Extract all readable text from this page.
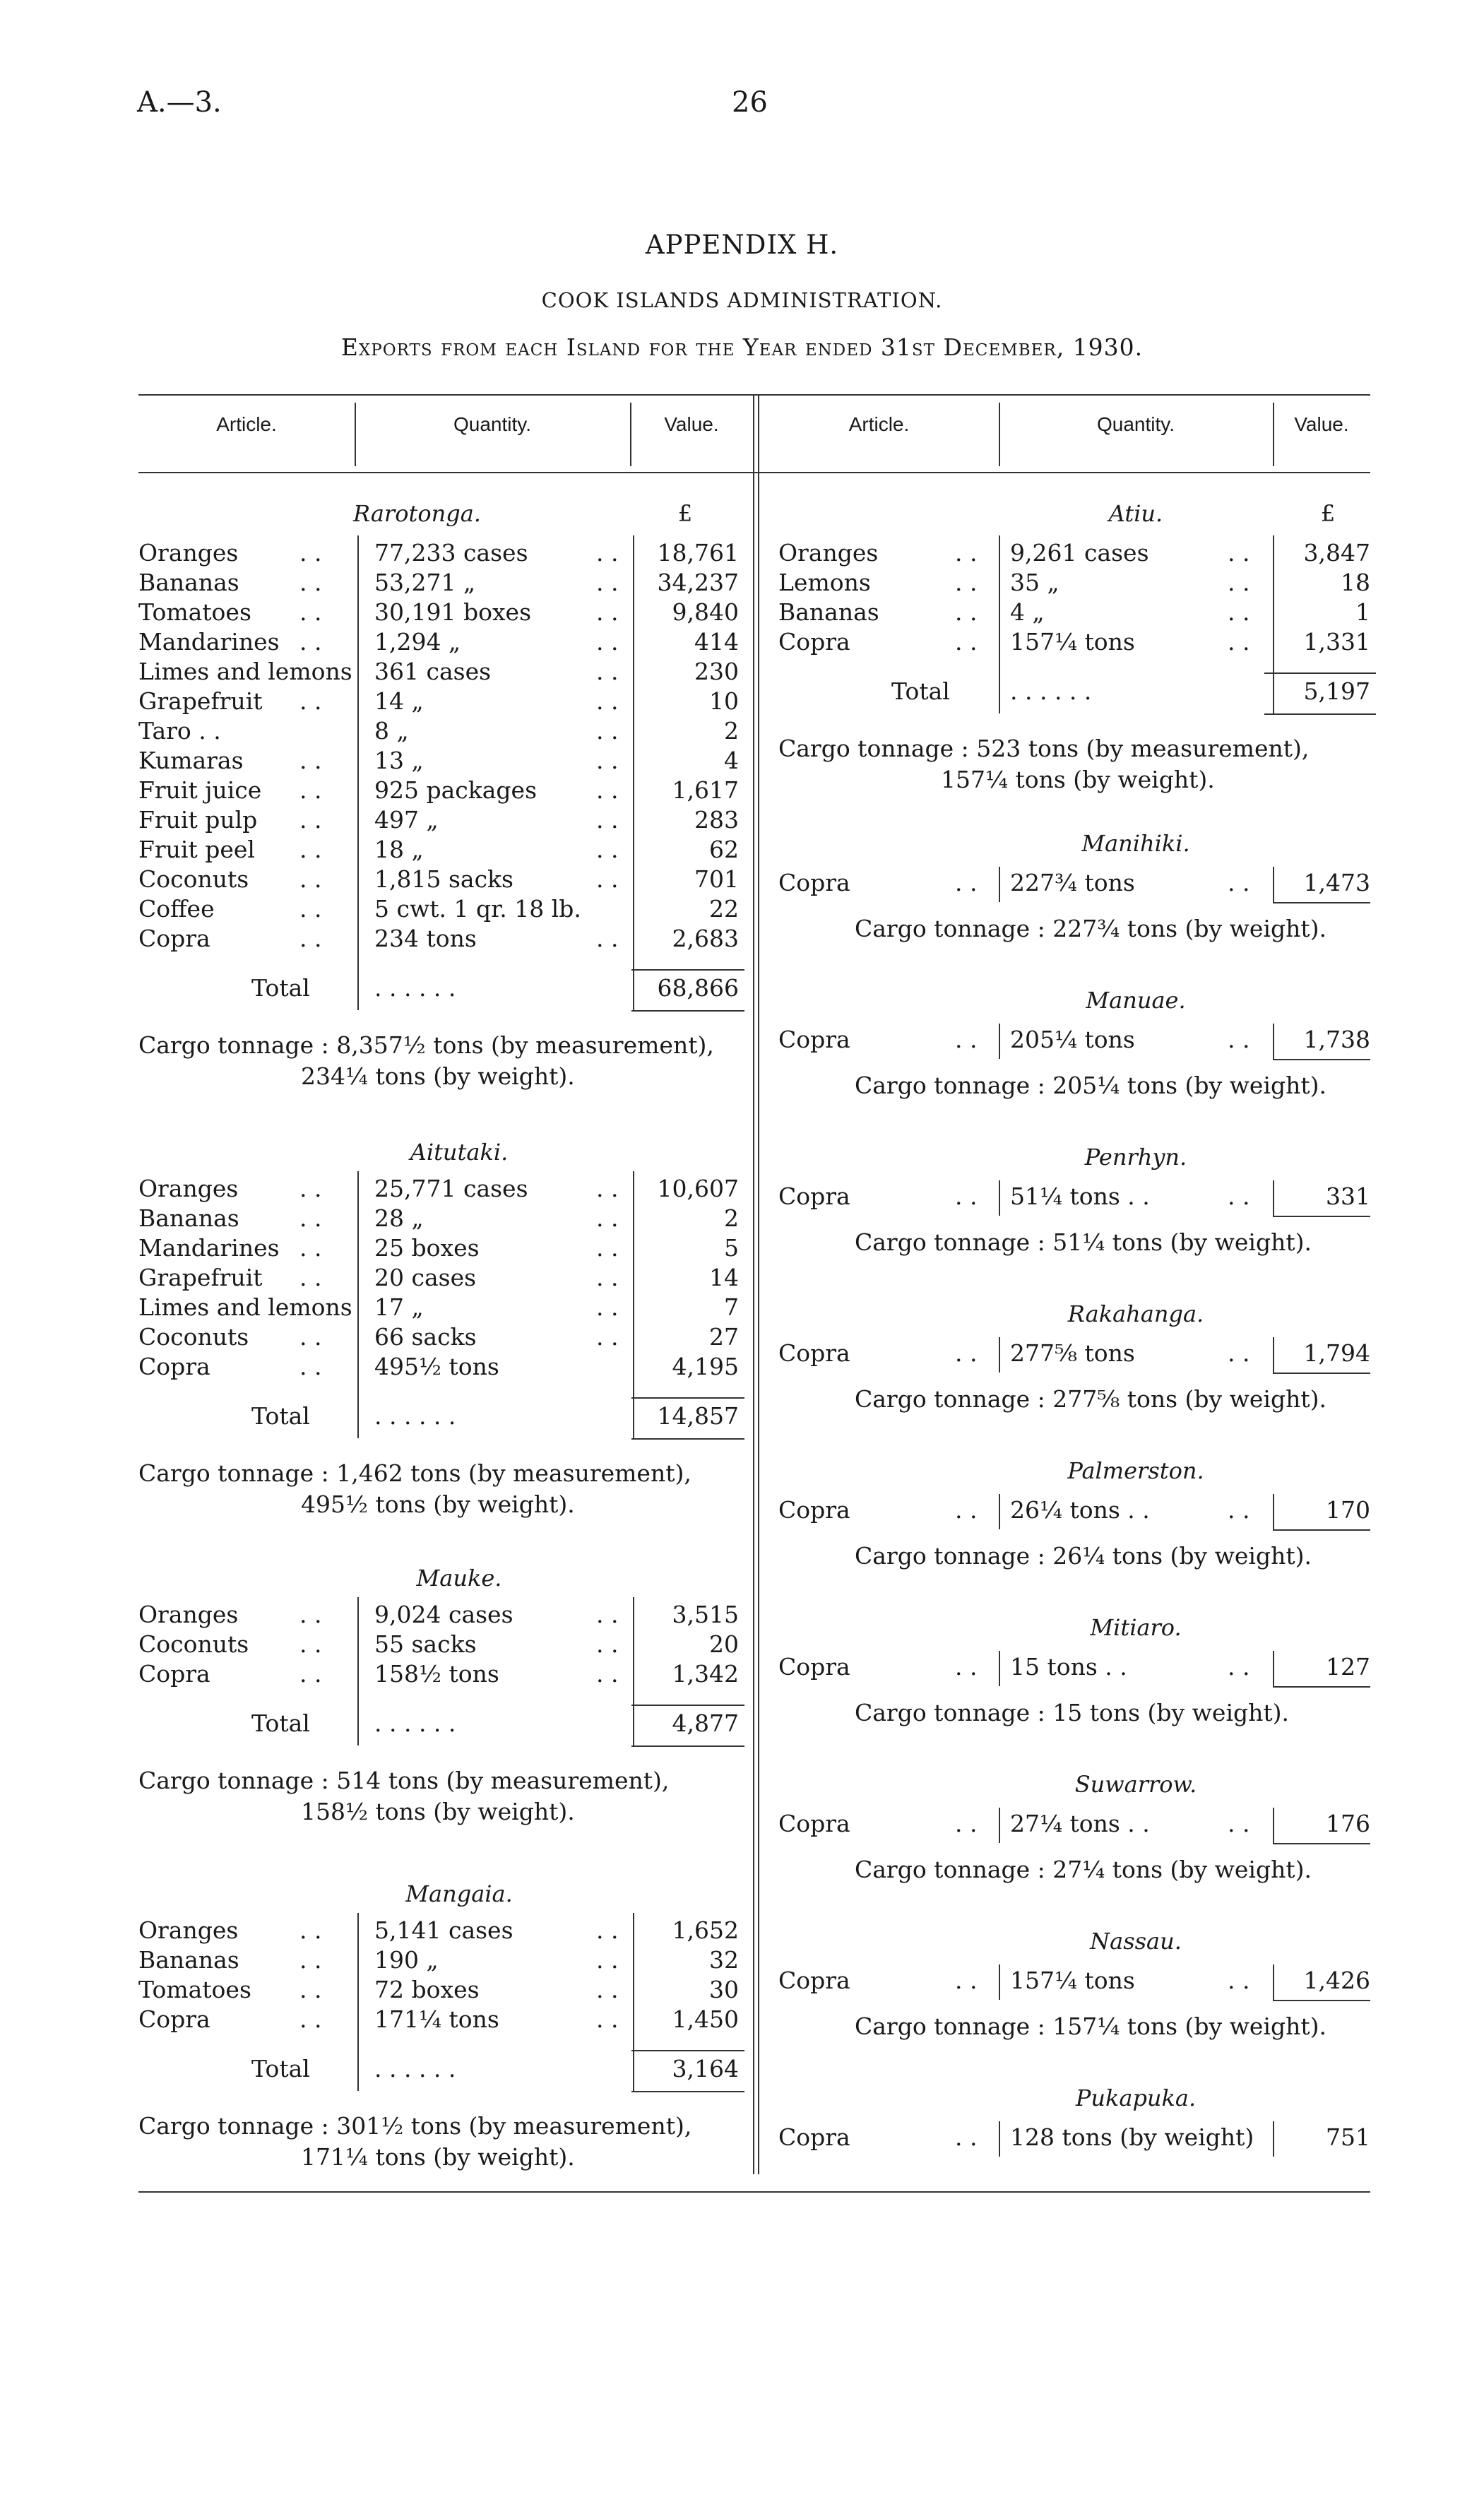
A.—3.	26
APPENDIX H.
COOK ISLANDS ADMINISTRATION.
Exports from each Island for the Year ended 31st December, 1930.
Article.	Quantity.	Value.	Article.	Quantity.	Value.
Rarotonga.	£
Oranges	. . 77,233 cases	. .	18,761
Bananas	. . 53,271 „	. .	34,237
Tomatoes . . 30,191 boxes	. .	9,840
Mandarines . . 1,294 „	. .	414
Limes and lemons 361 cases	. .	230
Grapefruit . . 14 „	. .	10
Taro . .	8 „	. .	2
Kumaras . . 13 „	. .	4
Fruit juice . . 925 packages	. .	1,617
Fruit pulp . . 497 „	. .	283
Fruit peel . . 18 „	. .	62
Coconuts . . 1,815 sacks	. .	701
Coffee	. . 5 cwt. 1 qr. 18 lb.	22
Copra	. . 234 tons	. .	2,683
Total	. . . . . .	68,866
Cargo tonnage : 8,357½ tons (by measurement),
234¼ tons (by weight).
Oranges	. . 25,771 cases	. .	10,607
Bananas	. . 28 „	. .	2
Mandarines . . 25 boxes	. .	5
Grapefruit . . 20 cases	. .	14
Limes and lemons 17 „	. .	7
Coconuts . . 66 sacks	. .	27
Copra	. . 495½ tons	4,195
Total	. . . . . .	14,857
Cargo tonnage : 1,462 tons (by measurement),
495½ tons (by weight).
Oranges	. . 9,024 cases	. .	3,515
Coconuts . . 55 sacks	. .	20
Copra	. . 158½ tons	. .	1,342
Total	. . . . . .	4,877
Cargo tonnage : 514 tons (by measurement),
158½ tons (by weight).
Oranges	. . 5,141 cases	. .	1,652
Bananas	. . 190 „	. .	32
Tomatoes . . 72 boxes	. .	30
Copra	. . 171¼ tons	. .	1,450
Total	. . . . . .	3,164
Cargo tonnage : 301½ tons (by measurement),
171¼ tons (by weight).
Aitutaki.
Mauke.
Mangaia.
Atiu.	£
Oranges	. . 9,261 cases	. .	3,847
Lemons	. . 35 „	. .	18
Bananas	. . 4 „	. .	1
Copra	. . 157¼ tons	. .	1,331
Total	. . . . . .	5,197
Cargo tonnage : 523 tons (by measurement),
157¼ tons (by weight).
Manihiki.
Copra	. . 227¾ tons	. .	1,473
Cargo tonnage : 227¾ tons (by weight).
Manuae.
Copra	. . 205¼ tons	. .	1,738
Cargo tonnage : 205¼ tons (by weight).
Penrhyn.
Copra	. . 51¼ tons . .	. .	331
Cargo tonnage : 51¼ tons (by weight).
Rakahanga.
Copra	. . 277⅝ tons	. .	1,794
Cargo tonnage : 277⅝ tons (by weight).
Palmerston.
Copra	. . 26¼ tons . .	. .	170
Cargo tonnage : 26¼ tons (by weight).
Mitiaro.
Copra	. . 15 tons . .	. .	127
Cargo tonnage : 15 tons (by weight).
Suwarrow.
Copra	. . 27¼ tons . .	. .	176
Cargo tonnage : 27¼ tons (by weight).
Nassau.
Copra	. . 157¼ tons	. .	1,426
Cargo tonnage : 157¼ tons (by weight).
Pukapuka.
Copra	. . 128 tons (by weight)	751
